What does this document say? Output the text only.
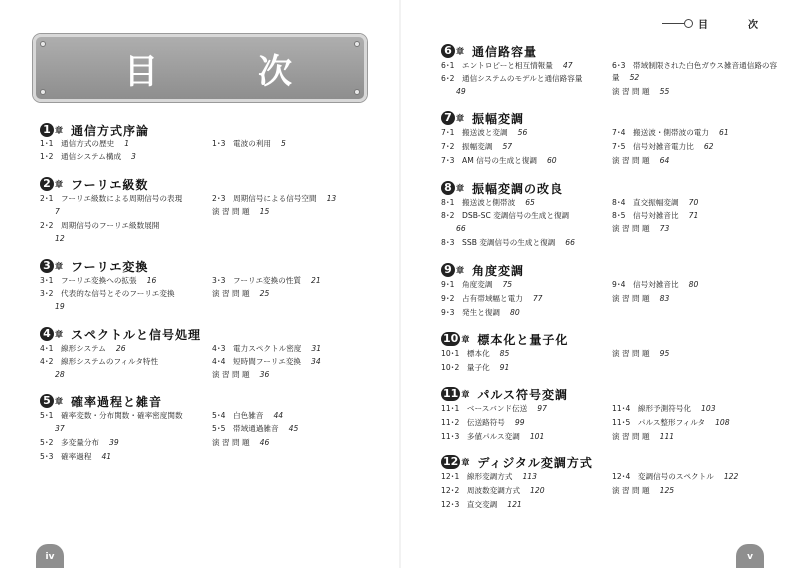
目	次
目	次
1 章 通信方式序論
1･1　通信方式の歴史 1
1･2　通信システム構成 3
1･3　電波の利用 5
2 章 フーリエ級数
2･1　フーリエ級数による周期信号の表現
7
2･2　周期信号のフーリエ級数展開
12
2･3　周期信号による信号空間 13
演 習 問 題 15
3 章 フーリエ変換
3･1　フーリエ変換への拡張 16
3･2　代表的な信号とそのフーリエ変換
19
3･3　フーリエ変換の性質 21
演 習 問 題 25
4 章 スペクトルと信号処理
4･1　線形システム 26
4･2　線形システムのフィルタ特性
28
4･3　電力スペクトル密度 31
4･4　短時間フーリエ変換 34
演 習 問 題 36
5 章 確率過程と雑音
5･1　確率変数・分布関数・確率密度関数
37
5･2　多変量分布 39
5･3　確率過程 41
5･4　白色雑音 44
5･5　帯域通過雑音 45
演 習 問 題 46
6 章 通信路容量
6･1　エントロピーと相互情報量 47
6･2　通信システムのモデルと通信路容量
49
6･3　帯域制限された白色ガウス雑音通信路の容量 52
演 習 問 題 55
7 章 振幅変調
7･1　搬送波と変調 56
7･2　振幅変調 57
7･3　AM 信号の生成と復調 60
7･4　搬送波・側帯波の電力 61
7･5　信号対雑音電力比 62
演 習 問 題 64
8 章 振幅変調の改良
8･1　搬送波と側帯波 65
8･2　DSB-SC 変調信号の生成と復調
66
8･3　SSB 変調信号の生成と復調 66
8･4　直交振幅変調 70
8･5　信号対雑音比 71
演 習 問 題 73
9 章 角度変調
9･1　角度変調 75
9･2　占有帯域幅と電力 77
9･3　発生と復調 80
9･4　信号対雑音比 80
演 習 問 題 83
10 章 標本化と量子化
10･1　標本化 85
10･2　量子化 91
演 習 問 題 95
11 章 パルス符号変調
11･1　ベースバンド伝送 97
11･2　伝送路符号 99
11･3　多値パルス変調 101
11･4　線形予測符号化 103
11･5　パルス整形フィルタ 108
演 習 問 題 111
12 章 ディジタル変調方式
12･1　線形変調方式 113
12･2　周波数変調方式 120
12･3　直交変調 121
12･4　変調信号のスペクトル 122
演 習 問 題 125
iv	v
